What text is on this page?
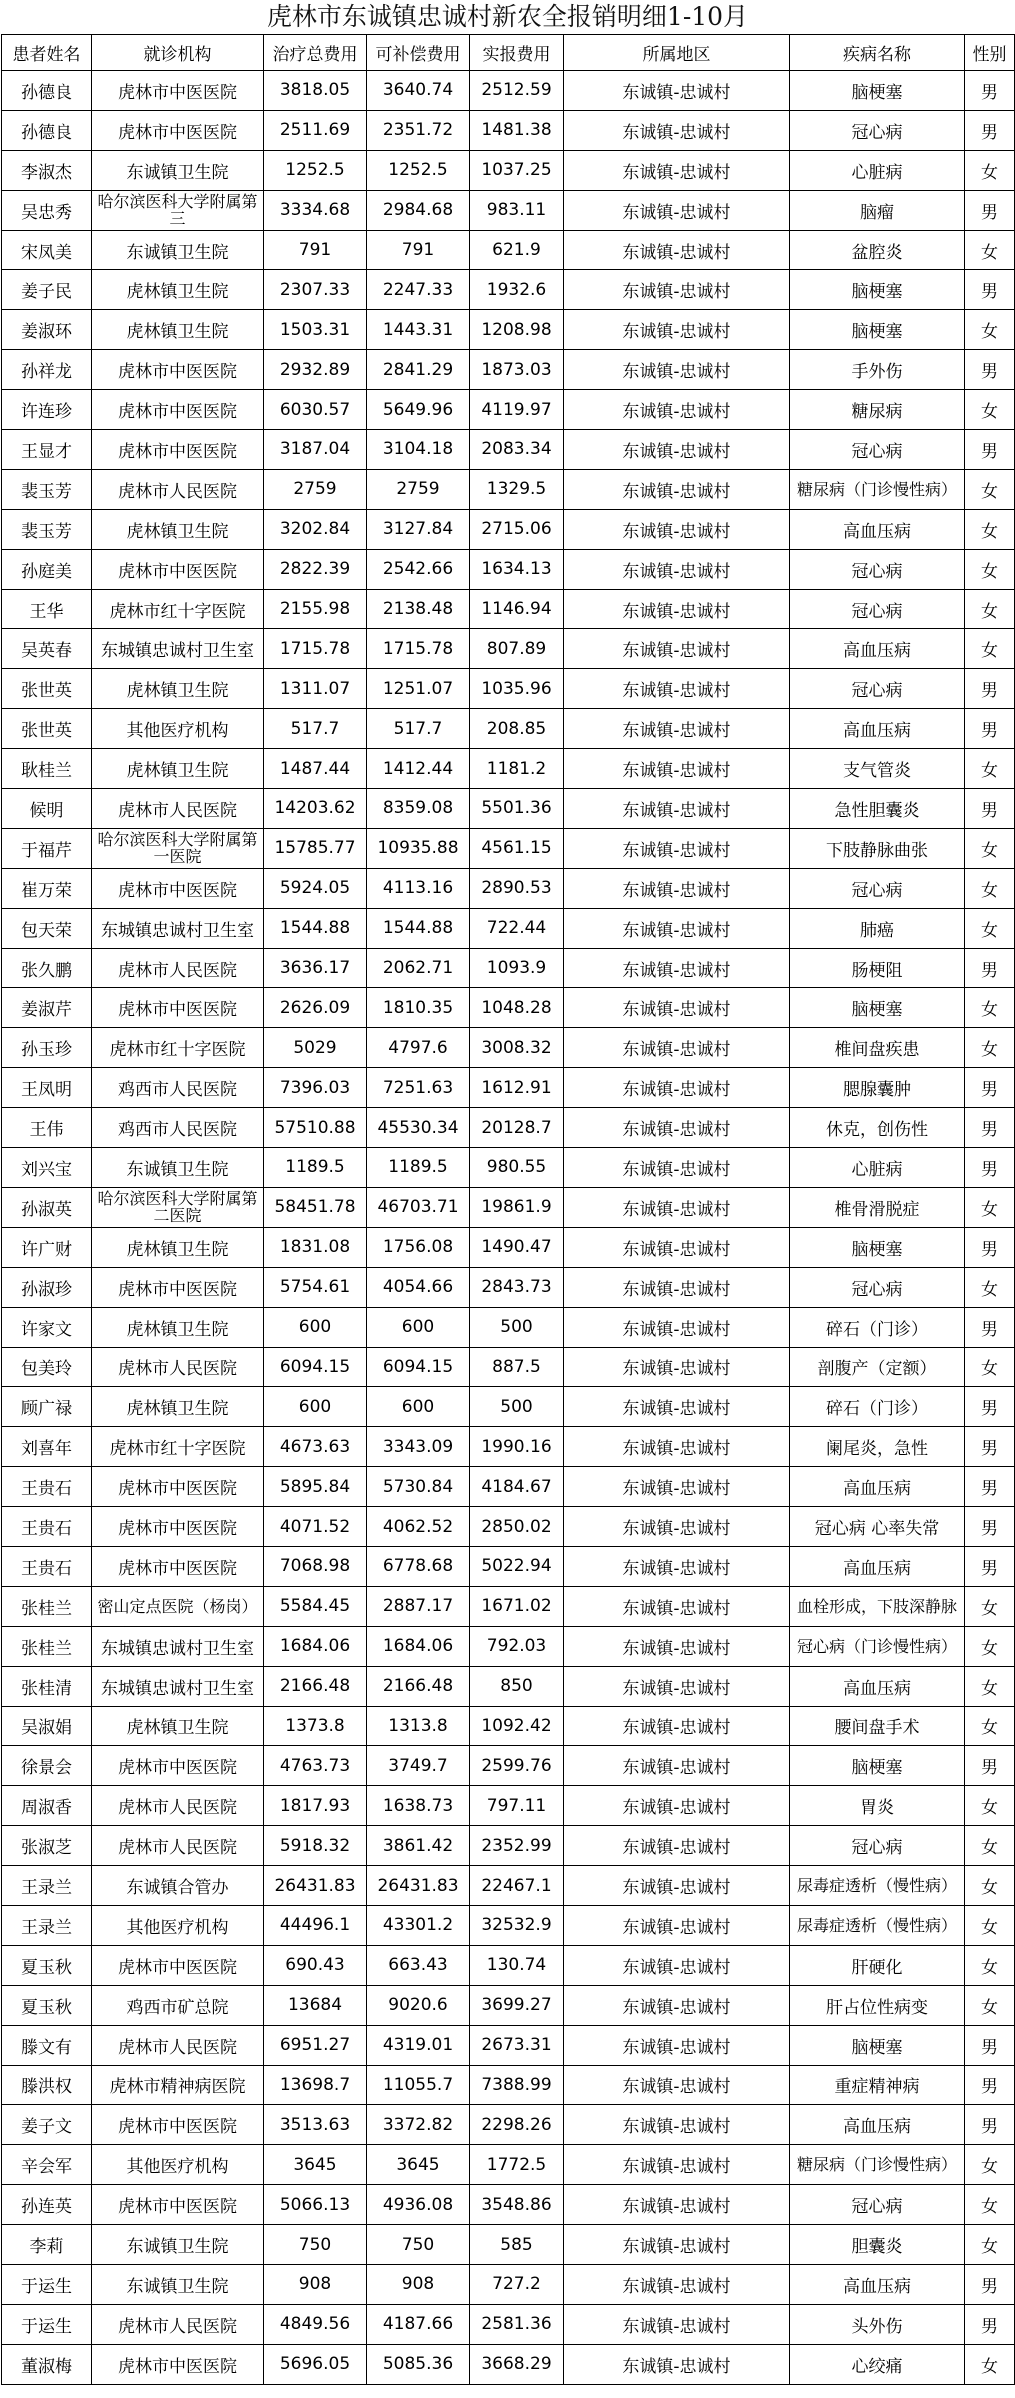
虎林市东诚镇忠诚村新农全报销明细1-10月
患者姓名	就诊机构	治疗总费用	可补偿费用	实报费用	所属地区	疾病名称	性别
孙德良	虎林市中医医院	3818.05	3640.74	2512.59	东诚镇-忠诚村	脑梗塞	男
孙德良	虎林市中医医院	2511.69	2351.72	1481.38	东诚镇-忠诚村	冠心病	男
李淑杰	东诚镇卫生院	1252.5	1252.5	1037.25	东诚镇-忠诚村	心脏病	女
吴忠秀	哈尔滨医科大学附属第三	3334.68	2984.68	983.11	东诚镇-忠诚村	脑瘤	男
宋凤美	东诚镇卫生院	791	791	621.9	东诚镇-忠诚村	盆腔炎	女
姜子民	虎林镇卫生院	2307.33	2247.33	1932.6	东诚镇-忠诚村	脑梗塞	男
姜淑环	虎林镇卫生院	1503.31	1443.31	1208.98	东诚镇-忠诚村	脑梗塞	女
孙祥龙	虎林市中医医院	2932.89	2841.29	1873.03	东诚镇-忠诚村	手外伤	男
许连珍	虎林市中医医院	6030.57	5649.96	4119.97	东诚镇-忠诚村	糖尿病	女
王显才	虎林市中医医院	3187.04	3104.18	2083.34	东诚镇-忠诚村	冠心病	男
裴玉芳	虎林市人民医院	2759	2759	1329.5	东诚镇-忠诚村	糖尿病（门诊慢性病）	女
裴玉芳	虎林镇卫生院	3202.84	3127.84	2715.06	东诚镇-忠诚村	高血压病	女
孙庭美	虎林市中医医院	2822.39	2542.66	1634.13	东诚镇-忠诚村	冠心病	女
王华	虎林市红十字医院	2155.98	2138.48	1146.94	东诚镇-忠诚村	冠心病	女
吴英春	东城镇忠诚村卫生室	1715.78	1715.78	807.89	东诚镇-忠诚村	高血压病	女
张世英	虎林镇卫生院	1311.07	1251.07	1035.96	东诚镇-忠诚村	冠心病	男
张世英	其他医疗机构	517.7	517.7	208.85	东诚镇-忠诚村	高血压病	男
耿桂兰	虎林镇卫生院	1487.44	1412.44	1181.2	东诚镇-忠诚村	支气管炎	女
候明	虎林市人民医院	14203.62	8359.08	5501.36	东诚镇-忠诚村	急性胆囊炎	男
于福芹	哈尔滨医科大学附属第一医院	15785.77	10935.88	4561.15	东诚镇-忠诚村	下肢静脉曲张	女
崔万荣	虎林市中医医院	5924.05	4113.16	2890.53	东诚镇-忠诚村	冠心病	女
包天荣	东城镇忠诚村卫生室	1544.88	1544.88	722.44	东诚镇-忠诚村	肺癌	女
张久鹏	虎林市人民医院	3636.17	2062.71	1093.9	东诚镇-忠诚村	肠梗阻	男
姜淑芹	虎林市中医医院	2626.09	1810.35	1048.28	东诚镇-忠诚村	脑梗塞	女
孙玉珍	虎林市红十字医院	5029	4797.6	3008.32	东诚镇-忠诚村	椎间盘疾患	女
王凤明	鸡西市人民医院	7396.03	7251.63	1612.91	东诚镇-忠诚村	腮腺囊肿	男
王伟	鸡西市人民医院	57510.88	45530.34	20128.7	东诚镇-忠诚村	休克，创伤性	男
刘兴宝	东诚镇卫生院	1189.5	1189.5	980.55	东诚镇-忠诚村	心脏病	男
孙淑英	哈尔滨医科大学附属第二医院	58451.78	46703.71	19861.9	东诚镇-忠诚村	椎骨滑脱症	女
许广财	虎林镇卫生院	1831.08	1756.08	1490.47	东诚镇-忠诚村	脑梗塞	男
孙淑珍	虎林市中医医院	5754.61	4054.66	2843.73	东诚镇-忠诚村	冠心病	女
许家文	虎林镇卫生院	600	600	500	东诚镇-忠诚村	碎石（门诊）	男
包美玲	虎林市人民医院	6094.15	6094.15	887.5	东诚镇-忠诚村	剖腹产（定额）	女
顾广禄	虎林镇卫生院	600	600	500	东诚镇-忠诚村	碎石（门诊）	男
刘喜年	虎林市红十字医院	4673.63	3343.09	1990.16	东诚镇-忠诚村	阑尾炎，急性	男
王贵石	虎林市中医医院	5895.84	5730.84	4184.67	东诚镇-忠诚村	高血压病	男
王贵石	虎林市中医医院	4071.52	4062.52	2850.02	东诚镇-忠诚村	冠心病 心率失常	男
王贵石	虎林市中医医院	7068.98	6778.68	5022.94	东诚镇-忠诚村	高血压病	男
张桂兰	密山定点医院（杨岗）	5584.45	2887.17	1671.02	东诚镇-忠诚村	血栓形成，下肢深静脉	女
张桂兰	东城镇忠诚村卫生室	1684.06	1684.06	792.03	东诚镇-忠诚村	冠心病（门诊慢性病）	女
张桂清	东城镇忠诚村卫生室	2166.48	2166.48	850	东诚镇-忠诚村	高血压病	女
吴淑娟	虎林镇卫生院	1373.8	1313.8	1092.42	东诚镇-忠诚村	腰间盘手术	女
徐景会	虎林市中医医院	4763.73	3749.7	2599.76	东诚镇-忠诚村	脑梗塞	男
周淑香	虎林市人民医院	1817.93	1638.73	797.11	东诚镇-忠诚村	胃炎	女
张淑芝	虎林市人民医院	5918.32	3861.42	2352.99	东诚镇-忠诚村	冠心病	女
王录兰	东诚镇合管办	26431.83	26431.83	22467.1	东诚镇-忠诚村	尿毒症透析（慢性病）	女
王录兰	其他医疗机构	44496.1	43301.2	32532.9	东诚镇-忠诚村	尿毒症透析（慢性病）	女
夏玉秋	虎林市中医医院	690.43	663.43	130.74	东诚镇-忠诚村	肝硬化	女
夏玉秋	鸡西市矿总院	13684	9020.6	3699.27	东诚镇-忠诚村	肝占位性病变	女
滕文有	虎林市人民医院	6951.27	4319.01	2673.31	东诚镇-忠诚村	脑梗塞	男
滕洪权	虎林市精神病医院	13698.7	11055.7	7388.99	东诚镇-忠诚村	重症精神病	男
姜子文	虎林市中医医院	3513.63	3372.82	2298.26	东诚镇-忠诚村	高血压病	男
辛会军	其他医疗机构	3645	3645	1772.5	东诚镇-忠诚村	糖尿病（门诊慢性病）	女
孙连英	虎林市中医医院	5066.13	4936.08	3548.86	东诚镇-忠诚村	冠心病	女
李莉	东诚镇卫生院	750	750	585	东诚镇-忠诚村	胆囊炎	女
于运生	东诚镇卫生院	908	908	727.2	东诚镇-忠诚村	高血压病	男
于运生	虎林市人民医院	4849.56	4187.66	2581.36	东诚镇-忠诚村	头外伤	男
董淑梅	虎林市中医医院	5696.05	5085.36	3668.29	东诚镇-忠诚村	心绞痛	女
